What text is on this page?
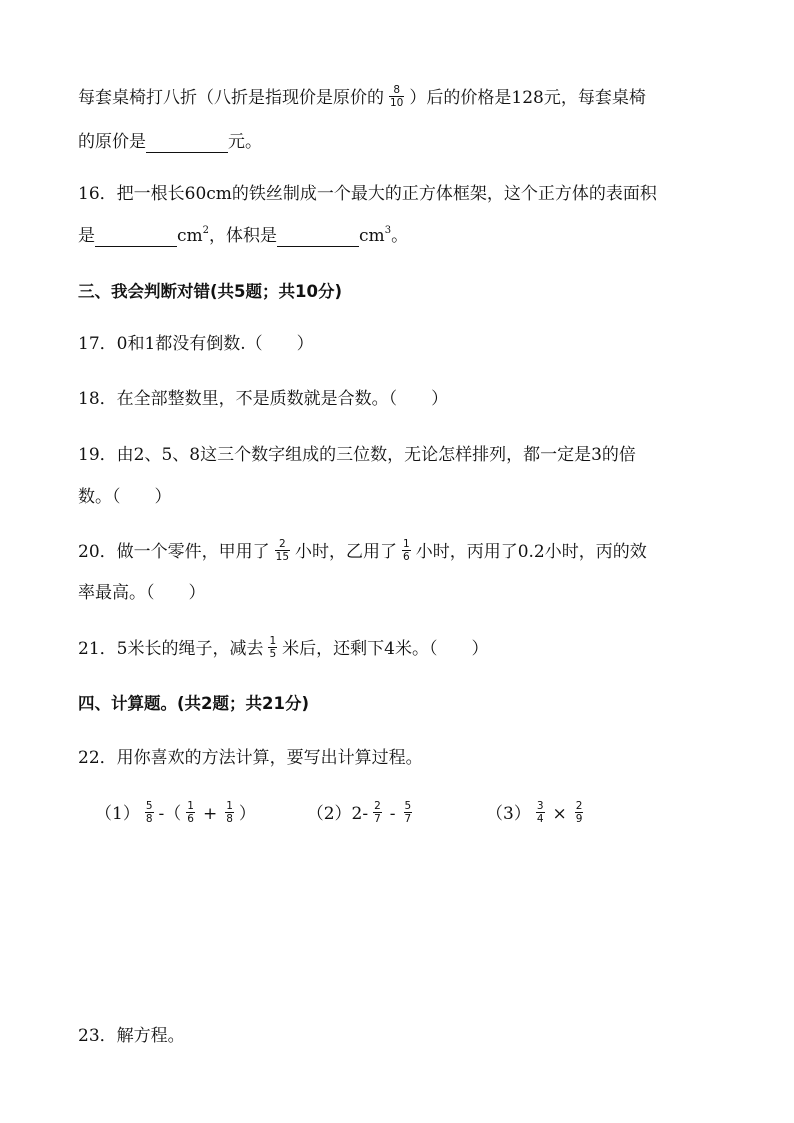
每套桌椅打八折（八折是指现价是原价的 $\frac{8}{10}$ ）后的价格是128元，每套桌椅
的原价是	元。
16．把一根长60cm的铁丝制成一个最大的正方体框架，这个正方体的表面积
是	$cm^2$，体积是	$cm^3$。
三、我会判断对错(共5题；共10分)
17．0和1都没有倒数.（　　）
18．在全部整数里，不是质数就是合数。（　　）
19．由2、5、8这三个数字组成的三位数，无论怎样排列，都一定是3的倍
数。（　　）
20．做一个零件，甲用了 $\frac{2}{15}$ 小时，乙用了 $\frac{1}{6}$ 小时，丙用了0.2小时，丙的效
率最高。（　　）
21．5米长的绳子，减去 $\frac{1}{5}$ 米后，还剩下4米。（　　）
四、计算题。(共2题；共21分)
22．用你喜欢的方法计算，要写出计算过程。
$(1) \frac{5}{8}$ -（ $\frac{1}{6} + \frac{1}{8}$ ）	$(2)2- \frac{2}{7} - \frac{5}{7}$	$(3) \frac{3}{4} \times \frac{2}{9}$
23．解方程。
